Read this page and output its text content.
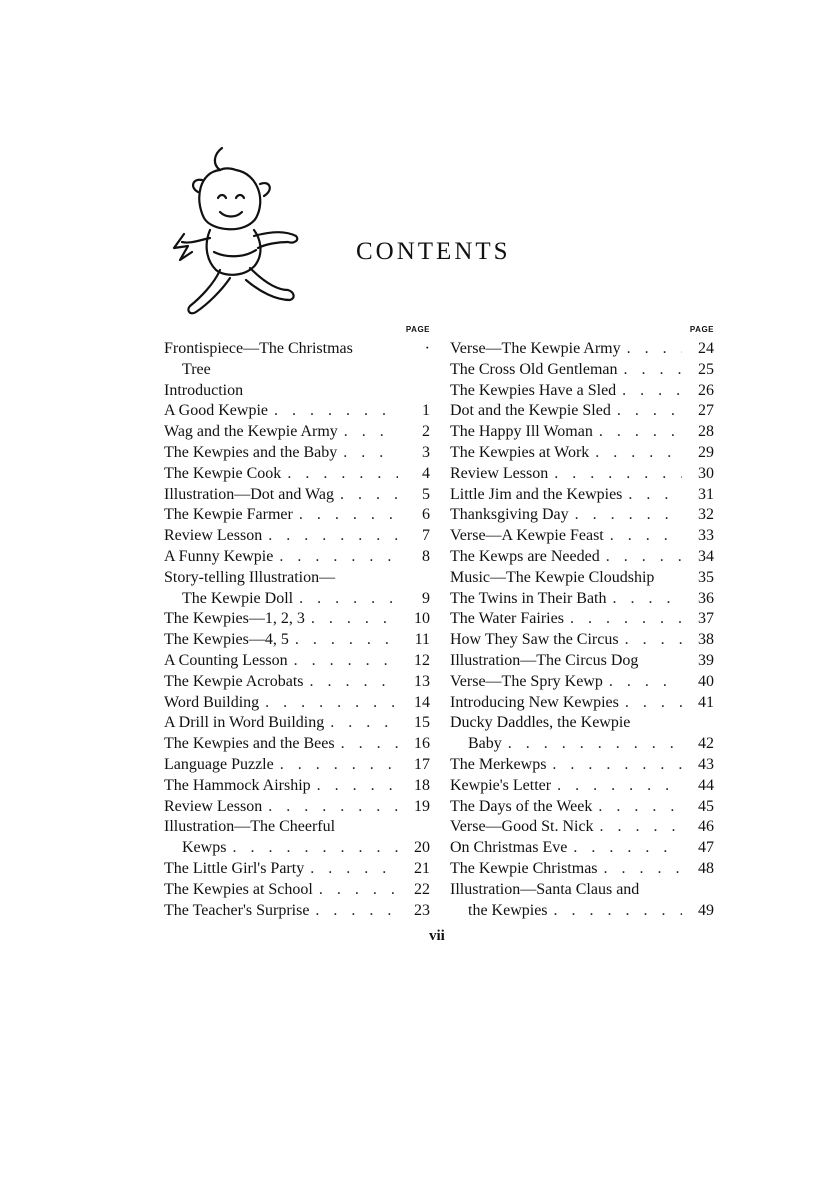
CONTENTS
PAGE
Frontispiece—The Christmas	·
Tree
Introduction
A Good Kewpie . . .	1
Wag and the Kewpie Army . . .	2
The Kewpies and the Baby . . .	3
The Kewpie Cook . . .	4
Illustration—Dot and Wag . . .	5
The Kewpie Farmer . . .	6
Review Lesson . . .	7
A Funny Kewpie . . .	8
Story-telling Illustration—
The Kewpie Doll . . .	9
The Kewpies—1, 2, 3 . . .	10
The Kewpies—4, 5 . . .	11
A Counting Lesson . . .	12
The Kewpie Acrobats . . .	13
Word Building . . .	14
A Drill in Word Building . . .	15
The Kewpies and the Bees . . .	16
Language Puzzle . . .	17
The Hammock Airship . . .	18
Review Lesson . . .	19
Illustration—The Cheerful
Kewps . . .	20
The Little Girl's Party . . .	21
The Kewpies at School . . .	22
The Teacher's Surprise . . .	23
PAGE
Verse—The Kewpie Army . . .	24
The Cross Old Gentleman . . .	25
The Kewpies Have a Sled . . .	26
Dot and the Kewpie Sled . . .	27
The Happy Ill Woman . . .	28
The Kewpies at Work . . .	29
Review Lesson . . .	30
Little Jim and the Kewpies . . .	31
Thanksgiving Day . . .	32
Verse—A Kewpie Feast . . .	33
The Kewps are Needed . . .	34
Music—The Kewpie Cloudship	35
The Twins in Their Bath . . .	36
The Water Fairies . . .	37
How They Saw the Circus . . .	38
Illustration—The Circus Dog	39
Verse—The Spry Kewp . . .	40
Introducing New Kewpies . . .	41
Ducky Daddles, the Kewpie
Baby . . .	42
The Merkewps . . .	43
Kewpie's Letter . . .	44
The Days of the Week . . .	45
Verse—Good St. Nick . . .	46
On Christmas Eve . . .	47
The Kewpie Christmas . . .	48
Illustration—Santa Claus and
the Kewpies . . .	49
vii
